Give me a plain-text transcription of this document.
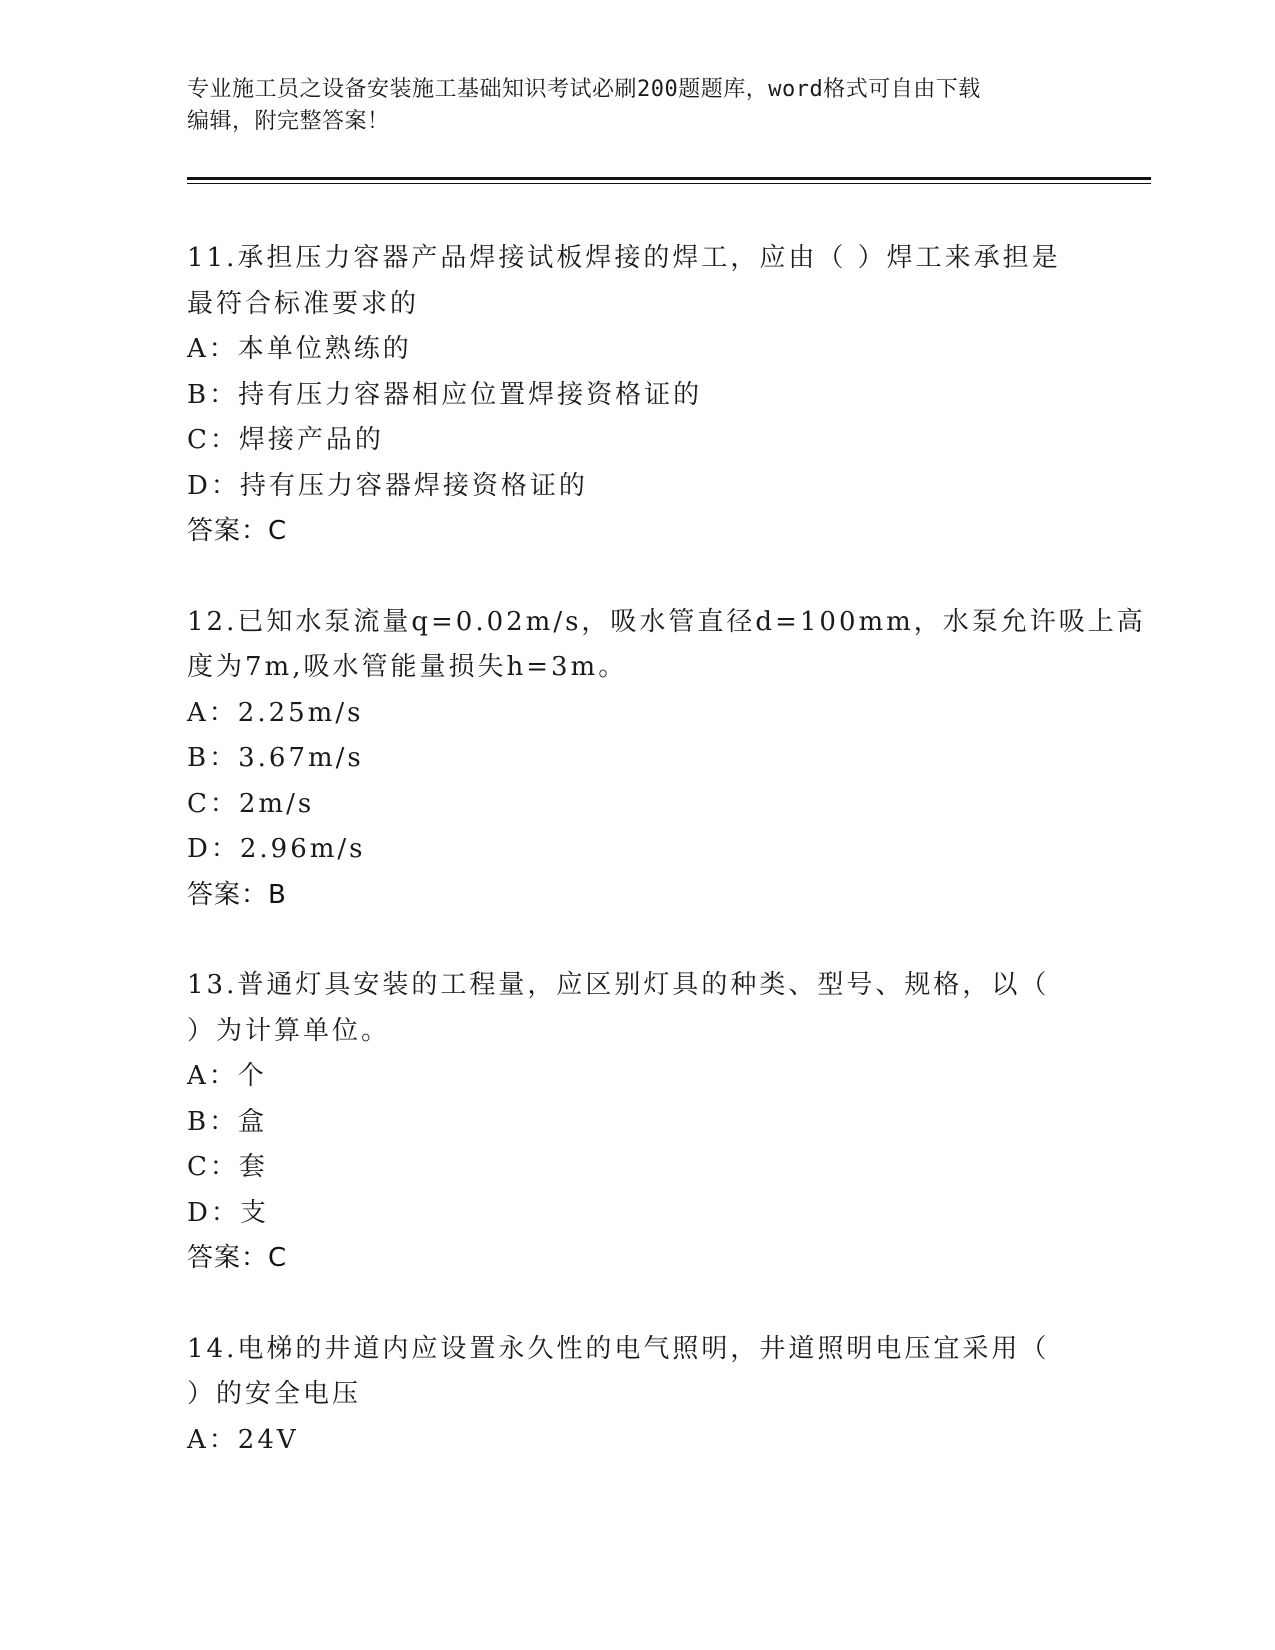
专业施工员之设备安装施工基础知识考试必刷200题题库，word格式可自由下载
编辑，附完整答案！
11.承担压力容器产品焊接试板焊接的焊工，应由（ ）焊工来承担是
最符合标准要求的
A：本单位熟练的
B：持有压力容器相应位置焊接资格证的
C：焊接产品的
D：持有压力容器焊接资格证的
答案：C
12.已知水泵流量q=0.02m/s，吸水管直径d=100mm，水泵允许吸上高
度为7m,吸水管能量损失h=3m。
A：2.25m/s
B：3.67m/s
C：2m/s
D：2.96m/s
答案：B
13.普通灯具安装的工程量，应区别灯具的种类、型号、规格，以（
）为计算单位。
A：个
B：盒
C：套
D：支
答案：C
14.电梯的井道内应设置永久性的电气照明，井道照明电压宜采用（
）的安全电压
A：24V
